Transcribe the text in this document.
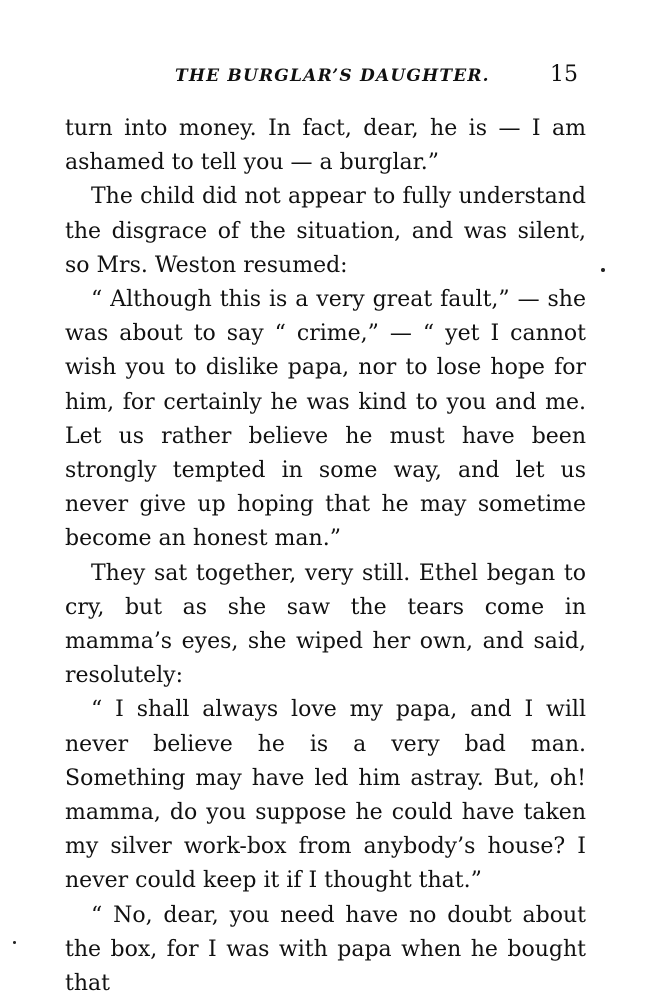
THE BURGLAR’S DAUGHTER.	15

turn into money. In fact, dear, he is — I am ashamed to tell you — a burglar.”

The child did not appear to fully understand the disgrace of the situation, and was silent, so Mrs. Weston resumed:

“ Although this is a very great fault,” — she was about to say “ crime,” — “ yet I cannot wish you to dislike papa, nor to lose hope for him, for certainly he was kind to you and me. Let us rather believe he must have been strongly tempted in some way, and let us never give up hoping that he may sometime become an honest man.”

They sat together, very still. Ethel began to cry, but as she saw the tears come in mamma’s eyes, she wiped her own, and said, resolutely:

“ I shall always love my papa, and I will never believe he is a very bad man. Something may have led him astray. But, oh! mamma, do you suppose he could have taken my silver work-box from anybody’s house? I never could keep it if I thought that.”

“ No, dear, you need have no doubt about the box, for I was with papa when he bought that
